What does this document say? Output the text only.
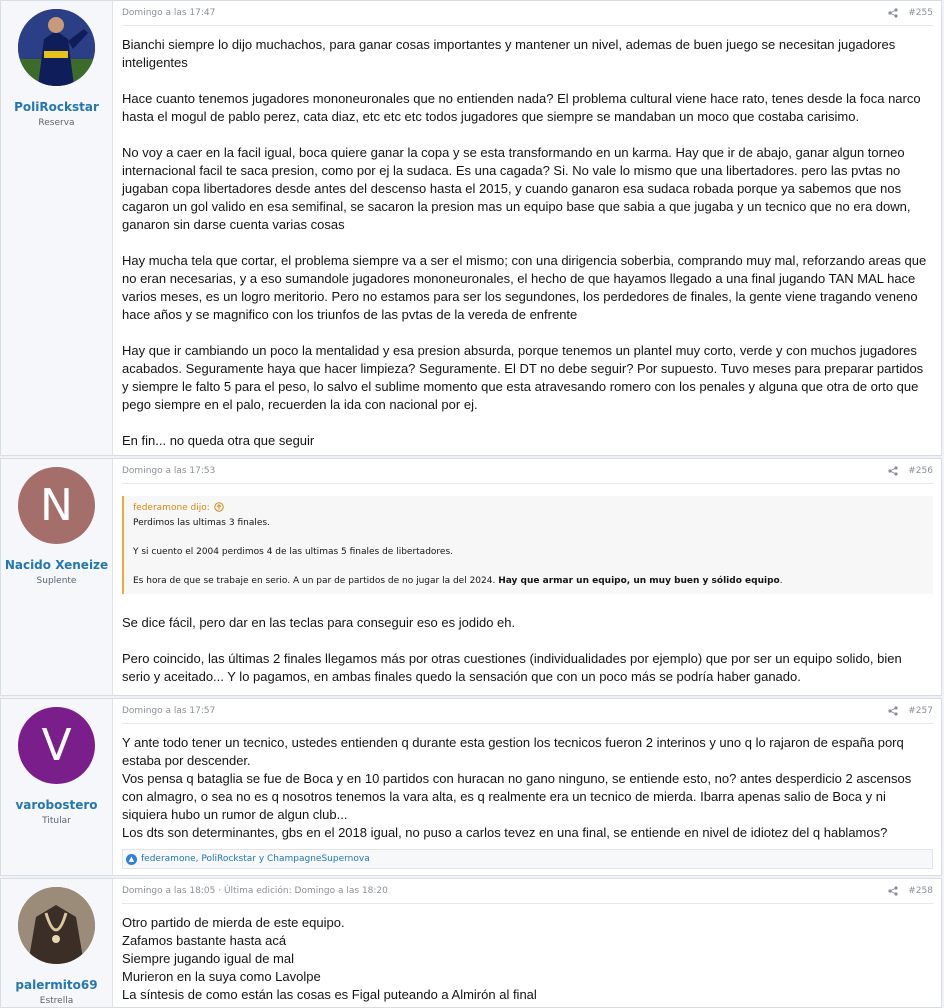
PoliRockstar
Reserva
Domingo a las 17:47	#255

Bianchi siempre lo dijo muchachos, para ganar cosas importantes y mantener un nivel, ademas de buen juego se necesitan jugadores inteligentes

Hace cuanto tenemos jugadores mononeuronales que no entienden nada? El problema cultural viene hace rato, tenes desde la foca narco hasta el mogul de pablo perez, cata diaz, etc etc etc todos jugadores que siempre se mandaban un moco que costaba carisimo.

No voy a caer en la facil igual, boca quiere ganar la copa y se esta transformando en un karma. Hay que ir de abajo, ganar algun torneo internacional facil te saca presion, como por ej la sudaca. Es una cagada? Si. No vale lo mismo que una libertadores. pero las pvtas no jugaban copa libertadores desde antes del descenso hasta el 2015, y cuando ganaron esa sudaca robada porque ya sabemos que nos cagaron un gol valido en esa semifinal, se sacaron la presion mas un equipo base que sabia a que jugaba y un tecnico que no era down, ganaron sin darse cuenta varias cosas

Hay mucha tela que cortar, el problema siempre va a ser el mismo; con una dirigencia soberbia, comprando muy mal, reforzando areas que no eran necesarias, y a eso sumandole jugadores mononeuronales, el hecho de que hayamos llegado a una final jugando TAN MAL hace varios meses, es un logro meritorio. Pero no estamos para ser los segundones, los perdedores de finales, la gente viene tragando veneno hace años y se magnifico con los triunfos de las pvtas de la vereda de enfrente

Hay que ir cambiando un poco la mentalidad y esa presion absurda, porque tenemos un plantel muy corto, verde y con muchos jugadores acabados. Seguramente haya que hacer limpieza? Seguramente. El DT no debe seguir? Por supuesto. Tuvo meses para preparar partidos y siempre le falto 5 para el peso, lo salvo el sublime momento que esta atravesando romero con los penales y alguna que otra de orto que pego siempre en el palo, recuerden la ida con nacional por ej.

En fin... no queda otra que seguir

N
Nacido Xeneize
Suplente
Domingo a las 17:53	#256
federamone dijo:

Perdimos las ultimas 3 finales.

Y si cuento el 2004 perdimos 4 de las ultimas 5 finales de libertadores.

Es hora de que se trabaje en serio. A un par de partidos de no jugar la del 2024. Hay que armar un equipo, un muy buen y sólido equipo.

Se dice fácil, pero dar en las teclas para conseguir eso es jodido eh.

Pero coincido, las últimas 2 finales llegamos más por otras cuestiones (individualidades por ejemplo) que por ser un equipo solido, bien serio y aceitado... Y lo pagamos, en ambas finales quedo la sensación que con un poco más se podría haber ganado.

V
varobostero
Titular
Domingo a las 17:57	#257

Y ante todo tener un tecnico, ustedes entienden q durante esta gestion los tecnicos fueron 2 interinos y uno q lo rajaron de españa porq estaba por descender.

Vos pensa q bataglia se fue de Boca y en 10 partidos con huracan no gano ninguno, se entiende esto, no? antes desperdicio 2 ascensos con almagro, o sea no es q nosotros tenemos la vara alta, es q realmente era un tecnico de mierda. Ibarra apenas salio de Boca y ni siquiera hubo un rumor de algun club...

Los dts son determinantes, gbs en el 2018 igual, no puso a carlos tevez en una final, se entiende en nivel de idiotez del q hablamos?

▲ federamone, PoliRockstar y ChampagneSupernova
palermito69
Estrella
Domingo a las 18:05 · Última edición: Domingo a las 18:20	#258

Otro partido de mierda de este equipo.

Zafamos bastante hasta acá

Siempre jugando igual de mal

Murieron en la suya como Lavolpe

La síntesis de como están las cosas es Figal puteando a Almirón al final
